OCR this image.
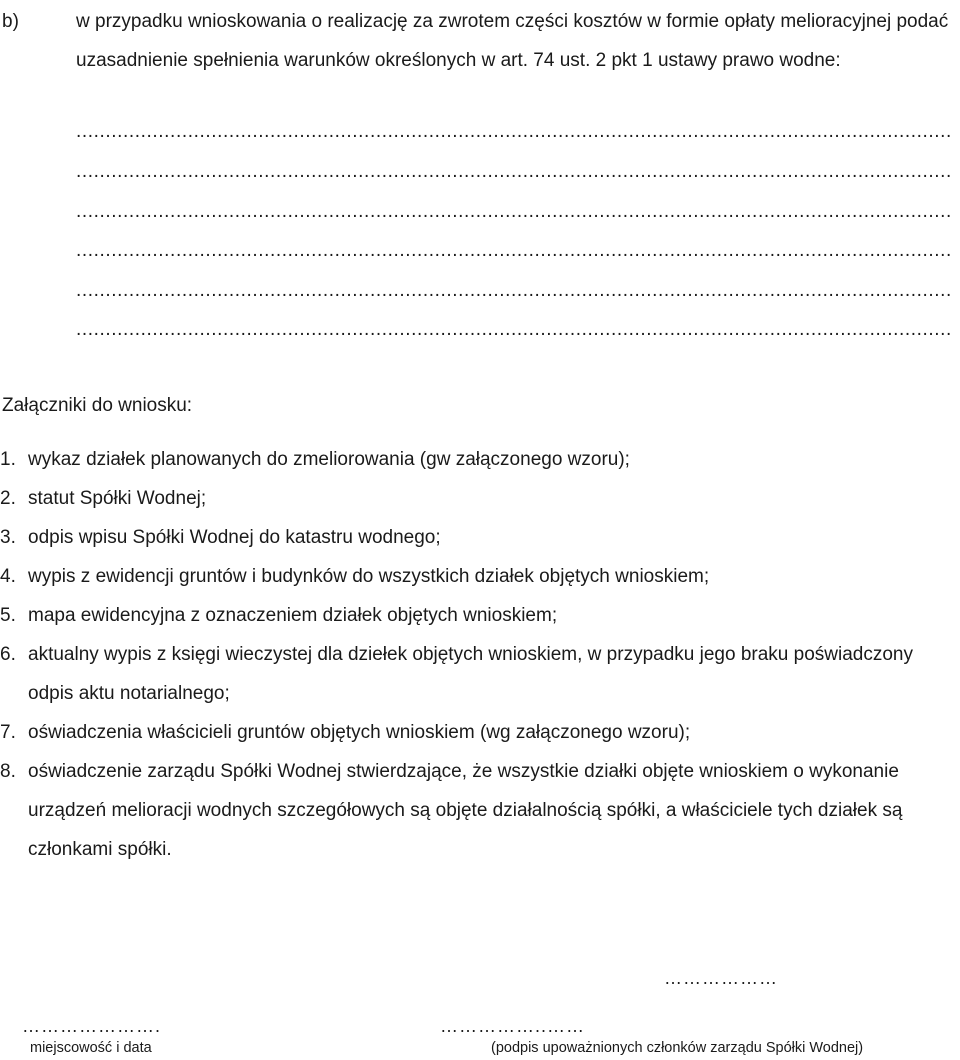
b)	w przypadku wnioskowania o realizację za zwrotem części kosztów w formie opłaty melioracyjnej podać uzasadnienie spełnienia warunków określonych w art. 74 ust. 2 pkt 1 ustawy prawo wodne:
.....
.....
.....
.....
.....
.....
Załączniki do wniosku:
1. wykaz działek planowanych do zmeliorowania (gw załączonego wzoru);
2. statut Spółki Wodnej;
3. odpis wpisu Spółki Wodnej do katastru wodnego;
4. wypis z ewidencji gruntów i budynków do wszystkich działek objętych wnioskiem;
5. mapa ewidencyjna z oznaczeniem działek objętych wnioskiem;
6. aktualny wypis z księgi wieczystej dla dziełek objętych wnioskiem, w przypadku jego braku poświadczony odpis aktu notarialnego;
7. oświadczenia właścicieli gruntów objętych wnioskiem (wg załączonego wzoru);
8. oświadczenie zarządu Spółki Wodnej stwierdzające, że wszystkie działki objęte wnioskiem o wykonanie urządzeń melioracji wodnych szczegółowych są objęte działalnością spółki, a właściciele tych działek są członkami spółki.
………………
………………….
miejscowość i data
……………..……
(podpis upoważnionych członków zarządu Spółki Wodnej)
